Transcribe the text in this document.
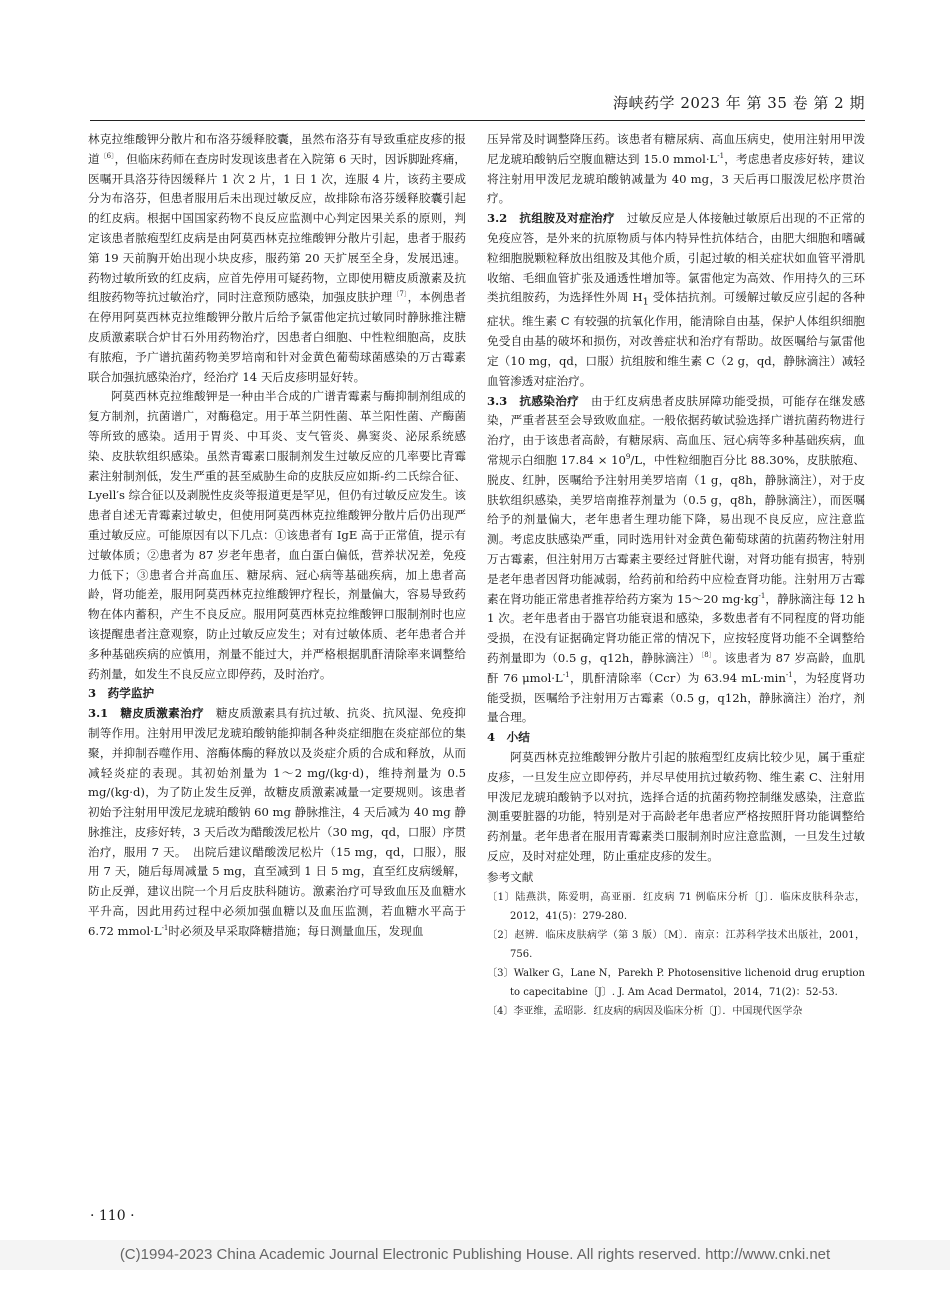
海峡药学 2023 年 第 35 卷 第 2 期

林克拉维酸钾分散片和布洛芬缓释胶囊，虽然布洛芬有导致重症皮疹的报道$^{〔6〕}$，但临床药师在查房时发现该患者在入院第 6 天时，因诉脚趾疼痛，医嘱开具洛芬待因缓释片 1 次 2 片，1 日 1 次，连服 4 片，该药主要成分为布洛芬，但患者服用后未出现过敏反应，故排除布洛芬缓释胶囊引起的红皮病。根据中国国家药物不良反应监测中心判定因果关系的原则，判定该患者脓疱型红皮病是由阿莫西林克拉维酸钾分散片引起，患者于服药第 19 天前胸开始出现小块皮疹，服药第 20 天扩展至全身，发展迅速。药物过敏所致的红皮病，应首先停用可疑药物，立即使用糖皮质激素及抗组胺药物等抗过敏治疗，同时注意预防感染，加强皮肤护理$^{〔7〕}$，本例患者在停用阿莫西林克拉维酸钾分散片后给予氯雷他定抗过敏同时静脉推注糖皮质激素联合炉甘石外用药物治疗，因患者白细胞、中性粒细胞高，皮肤有脓疱，予广谱抗菌药物美罗培南和针对金黄色葡萄球菌感染的万古霉素联合加强抗感染治疗，经治疗 14 天后皮疹明显好转。

阿莫西林克拉维酸钾是一种由半合成的广谱青霉素与酶抑制剂组成的复方制剂，抗菌谱广，对酶稳定。用于革兰阴性菌、革兰阳性菌、产酶菌等所致的感染。适用于胃炎、中耳炎、支气管炎、鼻窦炎、泌尿系统感染、皮肤软组织感染。虽然青霉素口服制剂发生过敏反应的几率要比青霉素注射制剂低，发生严重的甚至威胁生命的皮肤反应如斯-约二氏综合征、Lyell′s 综合征以及剥脱性皮炎等报道更是罕见，但仍有过敏反应发生。该患者自述无青霉素过敏史，但使用阿莫西林克拉维酸钾分散片后仍出现严重过敏反应。可能原因有以下几点：①该患者有 IgE 高于正常值，提示有过敏体质；②患者为 87 岁老年患者，血白蛋白偏低，营养状况差，免疫力低下；③患者合并高血压、糖尿病、冠心病等基础疾病，加上患者高龄，肾功能差，服用阿莫西林克拉维酸钾疗程长，剂量偏大，容易导致药物在体内蓄积，产生不良反应。服用阿莫西林克拉维酸钾口服制剂时也应该提醒患者注意观察，防止过敏反应发生；对有过敏体质、老年患者合并多种基础疾病的应慎用，剂量不能过大，并严格根据肌酐清除率来调整给药剂量，如发生不良反应立即停药，及时治疗。

3　药学监护

3.1　糖皮质激素治疗　糖皮质激素具有抗过敏、抗炎、抗风湿、免疫抑制等作用。注射用甲泼尼龙琥珀酸钠能抑制各种炎症细胞在炎症部位的集聚，并抑制吞噬作用、溶酶体酶的释放以及炎症介质的合成和释放，从而减轻炎症的表现。其初始剂量为 1～2 mg/(kg·d)，维持剂量为 0.5 mg/(kg·d)，为了防止发生反弹，故糖皮质激素减量一定要规则。该患者初始予注射用甲泼尼龙琥珀酸钠 60 mg 静脉推注，4 天后减为 40 mg 静脉推注，皮疹好转，3 天后改为醋酸泼尼松片（30 mg，qd，口服）序贯治疗，服用 7 天。　出院后建议醋酸泼尼松片（15 mg，qd，口服），服用 7 天，随后每周减量 5 mg，直至减到 1 日 5 mg，直至红皮病缓解，防止反弹，建议出院一个月后皮肤科随访。激素治疗可导致血压及血糖水平升高，因此用药过程中必须加强血糖以及血压监测，若血糖水平高于 6.72 $mmol\cdot L^{-1}$时必须及早采取降糖措施；每日测量血压，发现血

压异常及时调整降压药。该患者有糖尿病、高血压病史，使用注射用甲泼尼龙琥珀酸钠后空腹血糖达到 15.0 $mmol\cdot L^{-1}$，考虑患者皮疹好转，建议将注射用甲泼尼龙琥珀酸钠减量为 40 mg，3 天后再口服泼尼松序贯治疗。

3.2　抗组胺及对症治疗　过敏反应是人体接触过敏原后出现的不正常的免疫应答，是外来的抗原物质与体内特异性抗体结合，由肥大细胞和嗜碱粒细胞脱颗粒释放出组胺及其他介质，引起过敏的相关症状如血管平滑肌收缩、毛细血管扩张及通透性增加等。氯雷他定为高效、作用持久的三环类抗组胺药，为选择性外周 $H_1$ 受体拮抗剂。可缓解过敏反应引起的各种症状。维生素 C 有较强的抗氧化作用，能清除自由基，保护人体组织细胞免受自由基的破坏和损伤，对改善症状和治疗有帮助。故医嘱给与氯雷他定（10 mg，qd，口服）抗组胺和维生素 C（2 g，qd，静脉滴注）减轻血管渗透对症治疗。

3.3　抗感染治疗　由于红皮病患者皮肤屏障功能受损，可能存在继发感染，严重者甚至会导致败血症。一般依据药敏试验选择广谱抗菌药物进行治疗，由于该患者高龄，有糖尿病、高血压、冠心病等多种基础疾病，血常规示白细胞 $17.84 \times 10^9/L$，中性粒细胞百分比 88.30%，皮肤脓疱、脱皮、红肿，医嘱给予注射用美罗培南（1 g，q8h，静脉滴注），对于皮肤软组织感染，美罗培南推荐剂量为（0.5 g，q8h，静脉滴注），而医嘱给予的剂量偏大，老年患者生理功能下降，易出现不良反应，应注意监测。考虑皮肤感染严重，同时选用针对金黄色葡萄球菌的抗菌药物注射用万古霉素，但注射用万古霉素主要经过肾脏代谢，对肾功能有损害，特别是老年患者因肾功能减弱，给药前和给药中应检查肾功能。注射用万古霉素在肾功能正常患者推荐给药方案为 15～20 $mg\cdot kg^{-1}$，静脉滴注每 12 h 1 次。老年患者由于器官功能衰退和感染，多数患者有不同程度的肾功能受损，在没有证据确定肾功能正常的情况下，应按轻度肾功能不全调整给药剂量即为（0.5 g，q12h，静脉滴注）$^{〔8〕}$。该患者为 87 岁高龄，血肌酐 76 $\mu mol\cdot L^{-1}$，肌酐清除率（Ccr）为 63.94 $mL\cdot\min^{-1}$，为轻度肾功能受损，医嘱给予注射用万古霉素（0.5 g，q12h，静脉滴注）治疗，剂量合理。

4　小结

阿莫西林克拉维酸钾分散片引起的脓疱型红皮病比较少见，属于重症皮疹，一旦发生应立即停药，并尽早使用抗过敏药物、维生素 C、注射用甲泼尼龙琥珀酸钠予以对抗，选择合适的抗菌药物控制继发感染，注意监测重要脏器的功能，特别是对于高龄老年患者应严格按照肝肾功能调整给药剂量。老年患者在服用青霉素类口服制剂时应注意监测，一旦发生过敏反应，及时对症处理，防止重症皮疹的发生。

参考文献

〔1〕陆燕洪，陈爱明，高亚丽．红皮病 71 例临床分析〔J〕．临床皮肤科杂志，2012，41(5)：279-280.

〔2〕赵辨．临床皮肤病学（第 3 版）〔M〕．南京：江苏科学技术出版社，2001，756.

〔3〕Walker G，Lane N，Parekh P. Photosensitive lichenoid drug eruption to capecitabine〔J〕. J. Am Acad Dermatol，2014，71(2)：52-53.

〔4〕李亚维，孟昭影．红皮病的病因及临床分析〔J〕．中国现代医学杂

· 110 ·
(C)1994-2023 China Academic Journal Electronic Publishing House. All rights reserved. http://www.cnki.net
